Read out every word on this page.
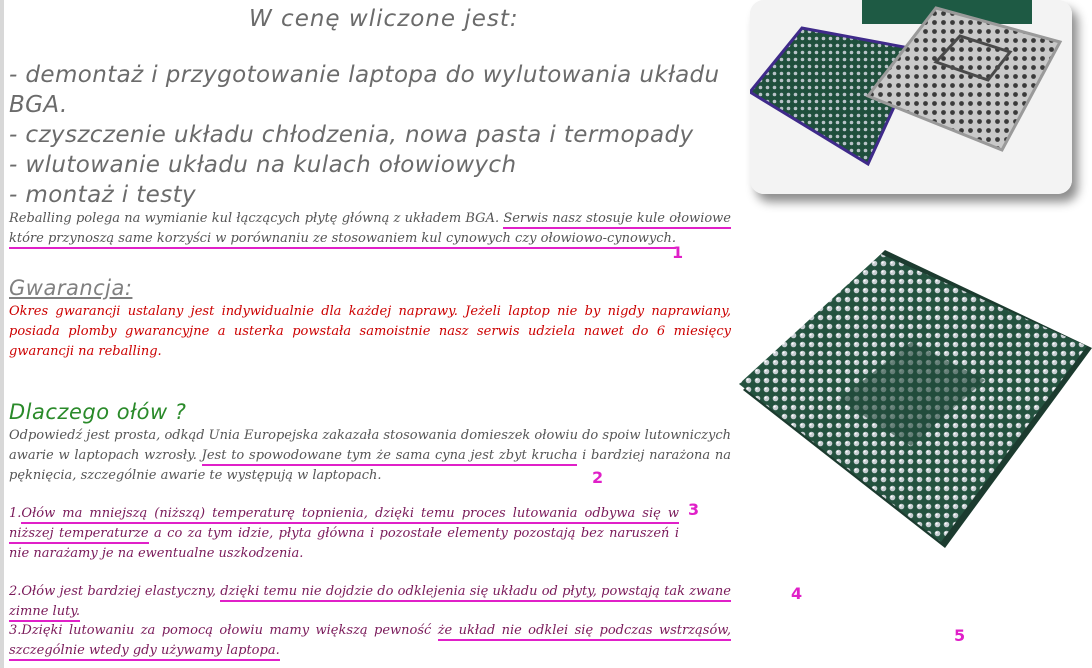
W cenę wliczone jest:
- demontaż i przygotowanie laptopa do wylutowania układu
BGA.
- czyszczenie układu chłodzenia, nowa pasta i termopady
- wlutowanie układu na kulach ołowiowych
- montaż i testy
Reballing polega na wymianie kul łączących płytę główną z układem BGA. Serwis nasz stosuje kule ołowiowe które przynoszą same korzyści w porównaniu ze stosowaniem kul cynowych czy ołowiowo-cynowych.
1
Gwarancja:
Okres gwarancji ustalany jest indywidualnie dla każdej naprawy. Jeżeli laptop nie by nigdy naprawiany, posiada plomby gwarancyjne a usterka powstała samoistnie nasz serwis udziela nawet do 6 miesięcy gwarancji na reballing.
Dlaczego ołów ?
Odpowiedź jest prosta, odkąd Unia Europejska zakazała stosowania domieszek ołowiu do spoiw lutowniczych awarie w laptopach wzrosły. Jest to spowodowane tym że sama cyna jest zbyt krucha i bardziej narażona na pęknięcia, szczególnie awarie te występują w laptopach.	2
1.Ołów ma mniejszą (niższą) temperaturę topnienia, dzięki temu proces lutowania odbywa się w niższej temperaturze a co za tym idzie, płyta główna i pozostałe elementy pozostają bez naruszeń i nie narażamy je na ewentualne uszkodzenia.
3
2.Ołów jest bardziej elastyczny, dzięki temu nie dojdzie do odklejenia się układu od płyty, powstają tak zwane zimne luty.
4
3.Dzięki lutowaniu za pomocą ołowiu mamy większą pewność że układ nie odklei się podczas wstrząsów, szczególnie wtedy gdy używamy laptopa.
5
